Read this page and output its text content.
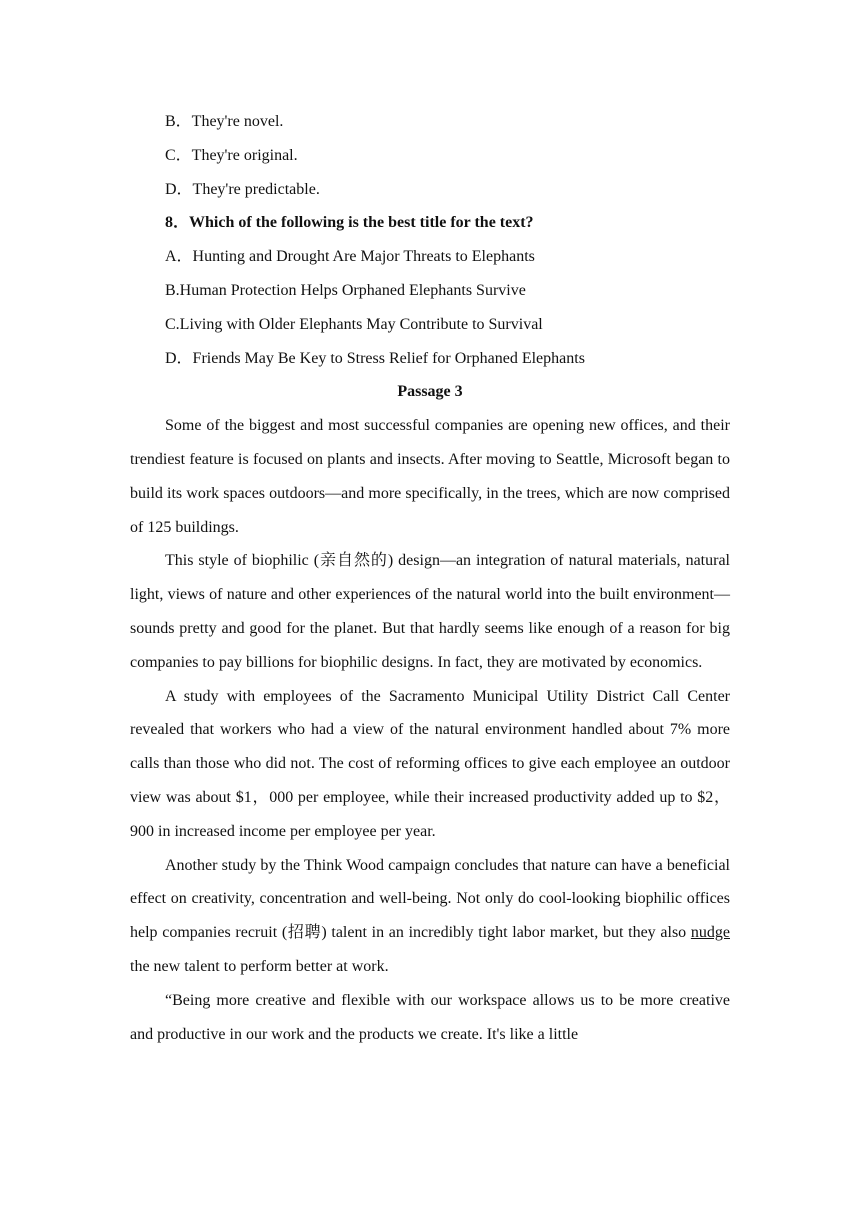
B．They're novel.
C．They're original.
D．They're predictable.
8．Which of the following is the best title for the text?
A．Hunting and Drought Are Major Threats to Elephants
B.Human Protection Helps Orphaned Elephants Survive
C.Living with Older Elephants May Contribute to Survival
D．Friends May Be Key to Stress Relief for Orphaned Elephants
Passage 3

Some of the biggest and most successful companies are opening new offices, and their trendiest feature is focused on plants and insects. After moving to Seattle, Microsoft began to build its work spaces outdoors—and more specifically, in the trees, which are now comprised of 125 buildings.

This style of biophilic (亲自然的) design—an integration of natural materials, natural light, views of nature and other experiences of the natural world into the built environment—sounds pretty and good for the planet. But that hardly seems like enough of a reason for big companies to pay billions for biophilic designs. In fact, they are motivated by economics.

A study with employees of the Sacramento Municipal Utility District Call Center revealed that workers who had a view of the natural environment handled about 7% more calls than those who did not. The cost of reforming offices to give each employee an outdoor view was about $1，000 per employee, while their increased productivity added up to $2，900 in increased income per employee per year.

Another study by the Think Wood campaign concludes that nature can have a beneficial effect on creativity, concentration and well-being. Not only do cool-looking biophilic offices help companies recruit (招聘) talent in an incredibly tight labor market, but they also nudge the new talent to perform better at work.

“Being more creative and flexible with our workspace allows us to be more creative and productive in our work and the products we create. It's like a little
